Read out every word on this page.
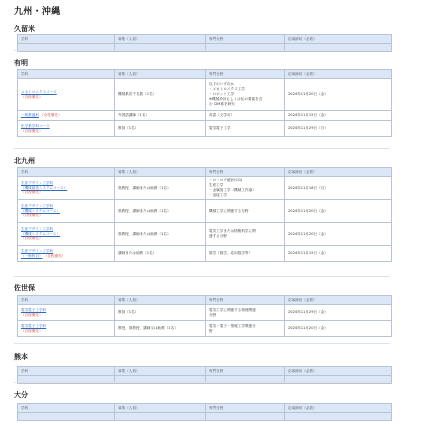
九州・沖縄
久留米
学科	募集（人員）	専門分野	応募締切（必着）

有明
学科	募集（人員）	専門分野	応募締切（必着）

メカトロニクスコース
（自校優先）	機械系若干名数（1名）	以下のいずれか
・メカトロニクス工学
・ロボット工学
※機械設計もしくは伝の要素を含
む CIM系を研究	2024年11月20日（金）
一般教養科 （女性優先）	外国語講師（1名）	英語（文学可）	2024年11月15日（金）

化学系学科コース
（自校優先）	教員（1名）	電気電子工学	2024年11月29日（月）
北九州
学科	募集（人員）	専門分野	応募締切（必着）

生産デザイン工学科
（機械創造システムコース）
（自校優先）	准教授、講師または助教（1名）	・ロ・ログ統計(CG)
生産工学
・金属加工学（機械工作論）
・溶接工学	2024年11月18日（月）

生産デザイン工学科
（機械システムコース）
（自校優先）	准教授、講師または助教（1名）	機械工学に関連する分野	2024年11月20日（金）

生産デザイン工学科
（機械システムコース）
（自校優先）	准教授、講師または助教（1名）	電気工学または情報科学に関
連する分野	2024年11月20日（金）

生産デザイン工学科
（一般科目） （自校優先）	講師または助教（1名）	数学（数学、応用数学等）	2024年11月15日（金）
佐世保
学科	募集（人員）	専門分野	応募締切（必着）

電気電子工学科
（自校優先）	教員（1名）	電気工学に関連する物理関連
分野	2024年11月29日（金）

電気電子工学科
（自校優先）	教授、准教授、講師又は助教（1名）	電気・電子・情報工学関連分
野	2024年11月20日（金）
熊本
学科	募集（人員）	専門分野	応募締切（必着）

大分
学科	募集（人員）	専門分野	応募締切（必着）
